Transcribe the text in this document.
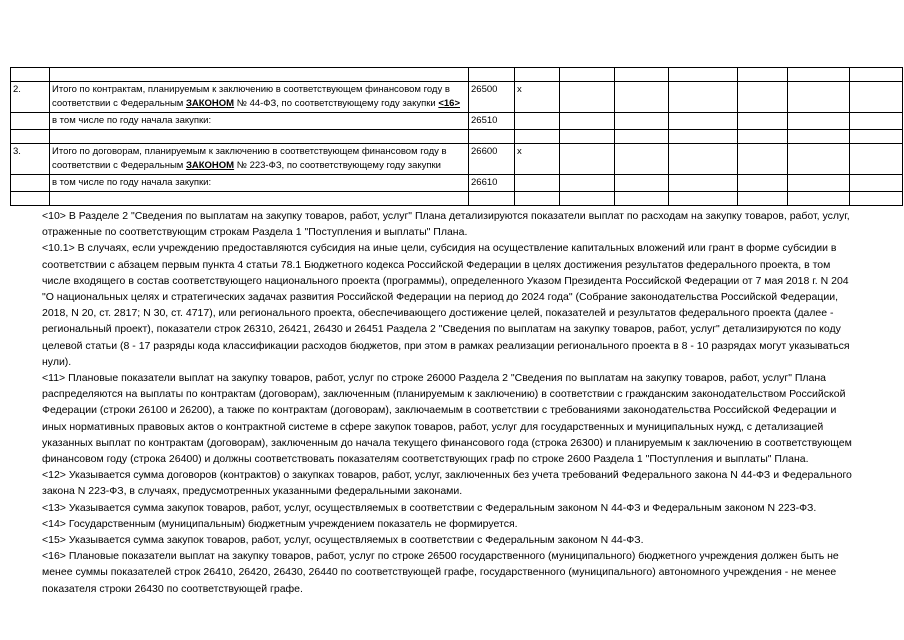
2.	Итого по контрактам, планируемым к заключению в соответствующем финансовом году в соответствии с Федеральным ЗАКОНОМ № 44-ФЗ, по соответствующему году закупки <16>	26500	x						
	в том числе по году начала закупки:	26510							

3.	Итого по договорам, планируемым к заключению в соответствующем финансовом году в соответствии с Федеральным ЗАКОНОМ № 223-ФЗ, по соответствующему году закупки	26600	x						
	в том числе по году начала закупки:	26610							

<10> В Разделе 2 "Сведения по выплатам на закупку товаров, работ, услуг" Плана детализируются показатели выплат по расходам на закупку товаров, работ, услуг, отраженные по соответствующим строкам Раздела 1 "Поступления и выплаты" Плана.

<10.1> В случаях, если учреждению предоставляются субсидия на иные цели, субсидия на осуществление капитальных вложений или грант в форме субсидии в соответствии с абзацем первым пункта 4 статьи 78.1 Бюджетного кодекса Российской Федерации в целях достижения результатов федерального проекта, в том числе входящего в состав соответствующего национального проекта (программы), определенного Указом Президента Российской Федерации от 7 мая 2018 г. N 204 "О национальных целях и стратегических задачах развития Российской Федерации на период до 2024 года" (Собрание законодательства Российской Федерации, 2018, N 20, ст. 2817; N 30, ст. 4717), или регионального проекта, обеспечивающего достижение целей, показателей и результатов федерального проекта (далее - региональный проект), показатели строк 26310, 26421, 26430 и 26451 Раздела 2 "Сведения по выплатам на закупку товаров, работ, услуг" детализируются по коду целевой статьи (8 - 17 разряды кода классификации расходов бюджетов, при этом в рамках реализации регионального проекта в 8 - 10 разрядах могут указываться нули).

<11> Плановые показатели выплат на закупку товаров, работ, услуг по строке 26000 Раздела 2 "Сведения по выплатам на закупку товаров, работ, услуг" Плана распределяются на выплаты по контрактам (договорам), заключенным (планируемым к заключению) в соответствии с гражданским законодательством Российской Федерации (строки 26100 и 26200), а также по контрактам (договорам), заключаемым в соответствии с требованиями законодательства Российской Федерации и иных нормативных правовых актов о контрактной системе в сфере закупок товаров, работ, услуг для государственных и муниципальных нужд, с детализацией указанных выплат по контрактам (договорам), заключенным до начала текущего финансового года (строка 26300) и планируемым к заключению в соответствующем финансовом году (строка 26400) и должны соответствовать показателям соответствующих граф по строке 2600 Раздела 1 "Поступления и выплаты" Плана.

<12> Указывается сумма договоров (контрактов) о закупках товаров, работ, услуг, заключенных без учета требований Федерального закона N 44-ФЗ и Федерального закона N 223-ФЗ, в случаях, предусмотренных указанными федеральными законами.

<13> Указывается сумма закупок товаров, работ, услуг, осуществляемых в соответствии с Федеральным законом N 44-ФЗ и Федеральным законом N 223-ФЗ.

<14> Государственным (муниципальным) бюджетным учреждением показатель не формируется.

<15> Указывается сумма закупок товаров, работ, услуг, осуществляемых в соответствии с Федеральным законом N 44-ФЗ.

<16> Плановые показатели выплат на закупку товаров, работ, услуг по строке 26500 государственного (муниципального) бюджетного учреждения должен быть не менее суммы показателей строк 26410, 26420, 26430, 26440 по соответствующей графе, государственного (муниципального) автономного учреждения - не менее показателя строки 26430 по соответствующей графе.
